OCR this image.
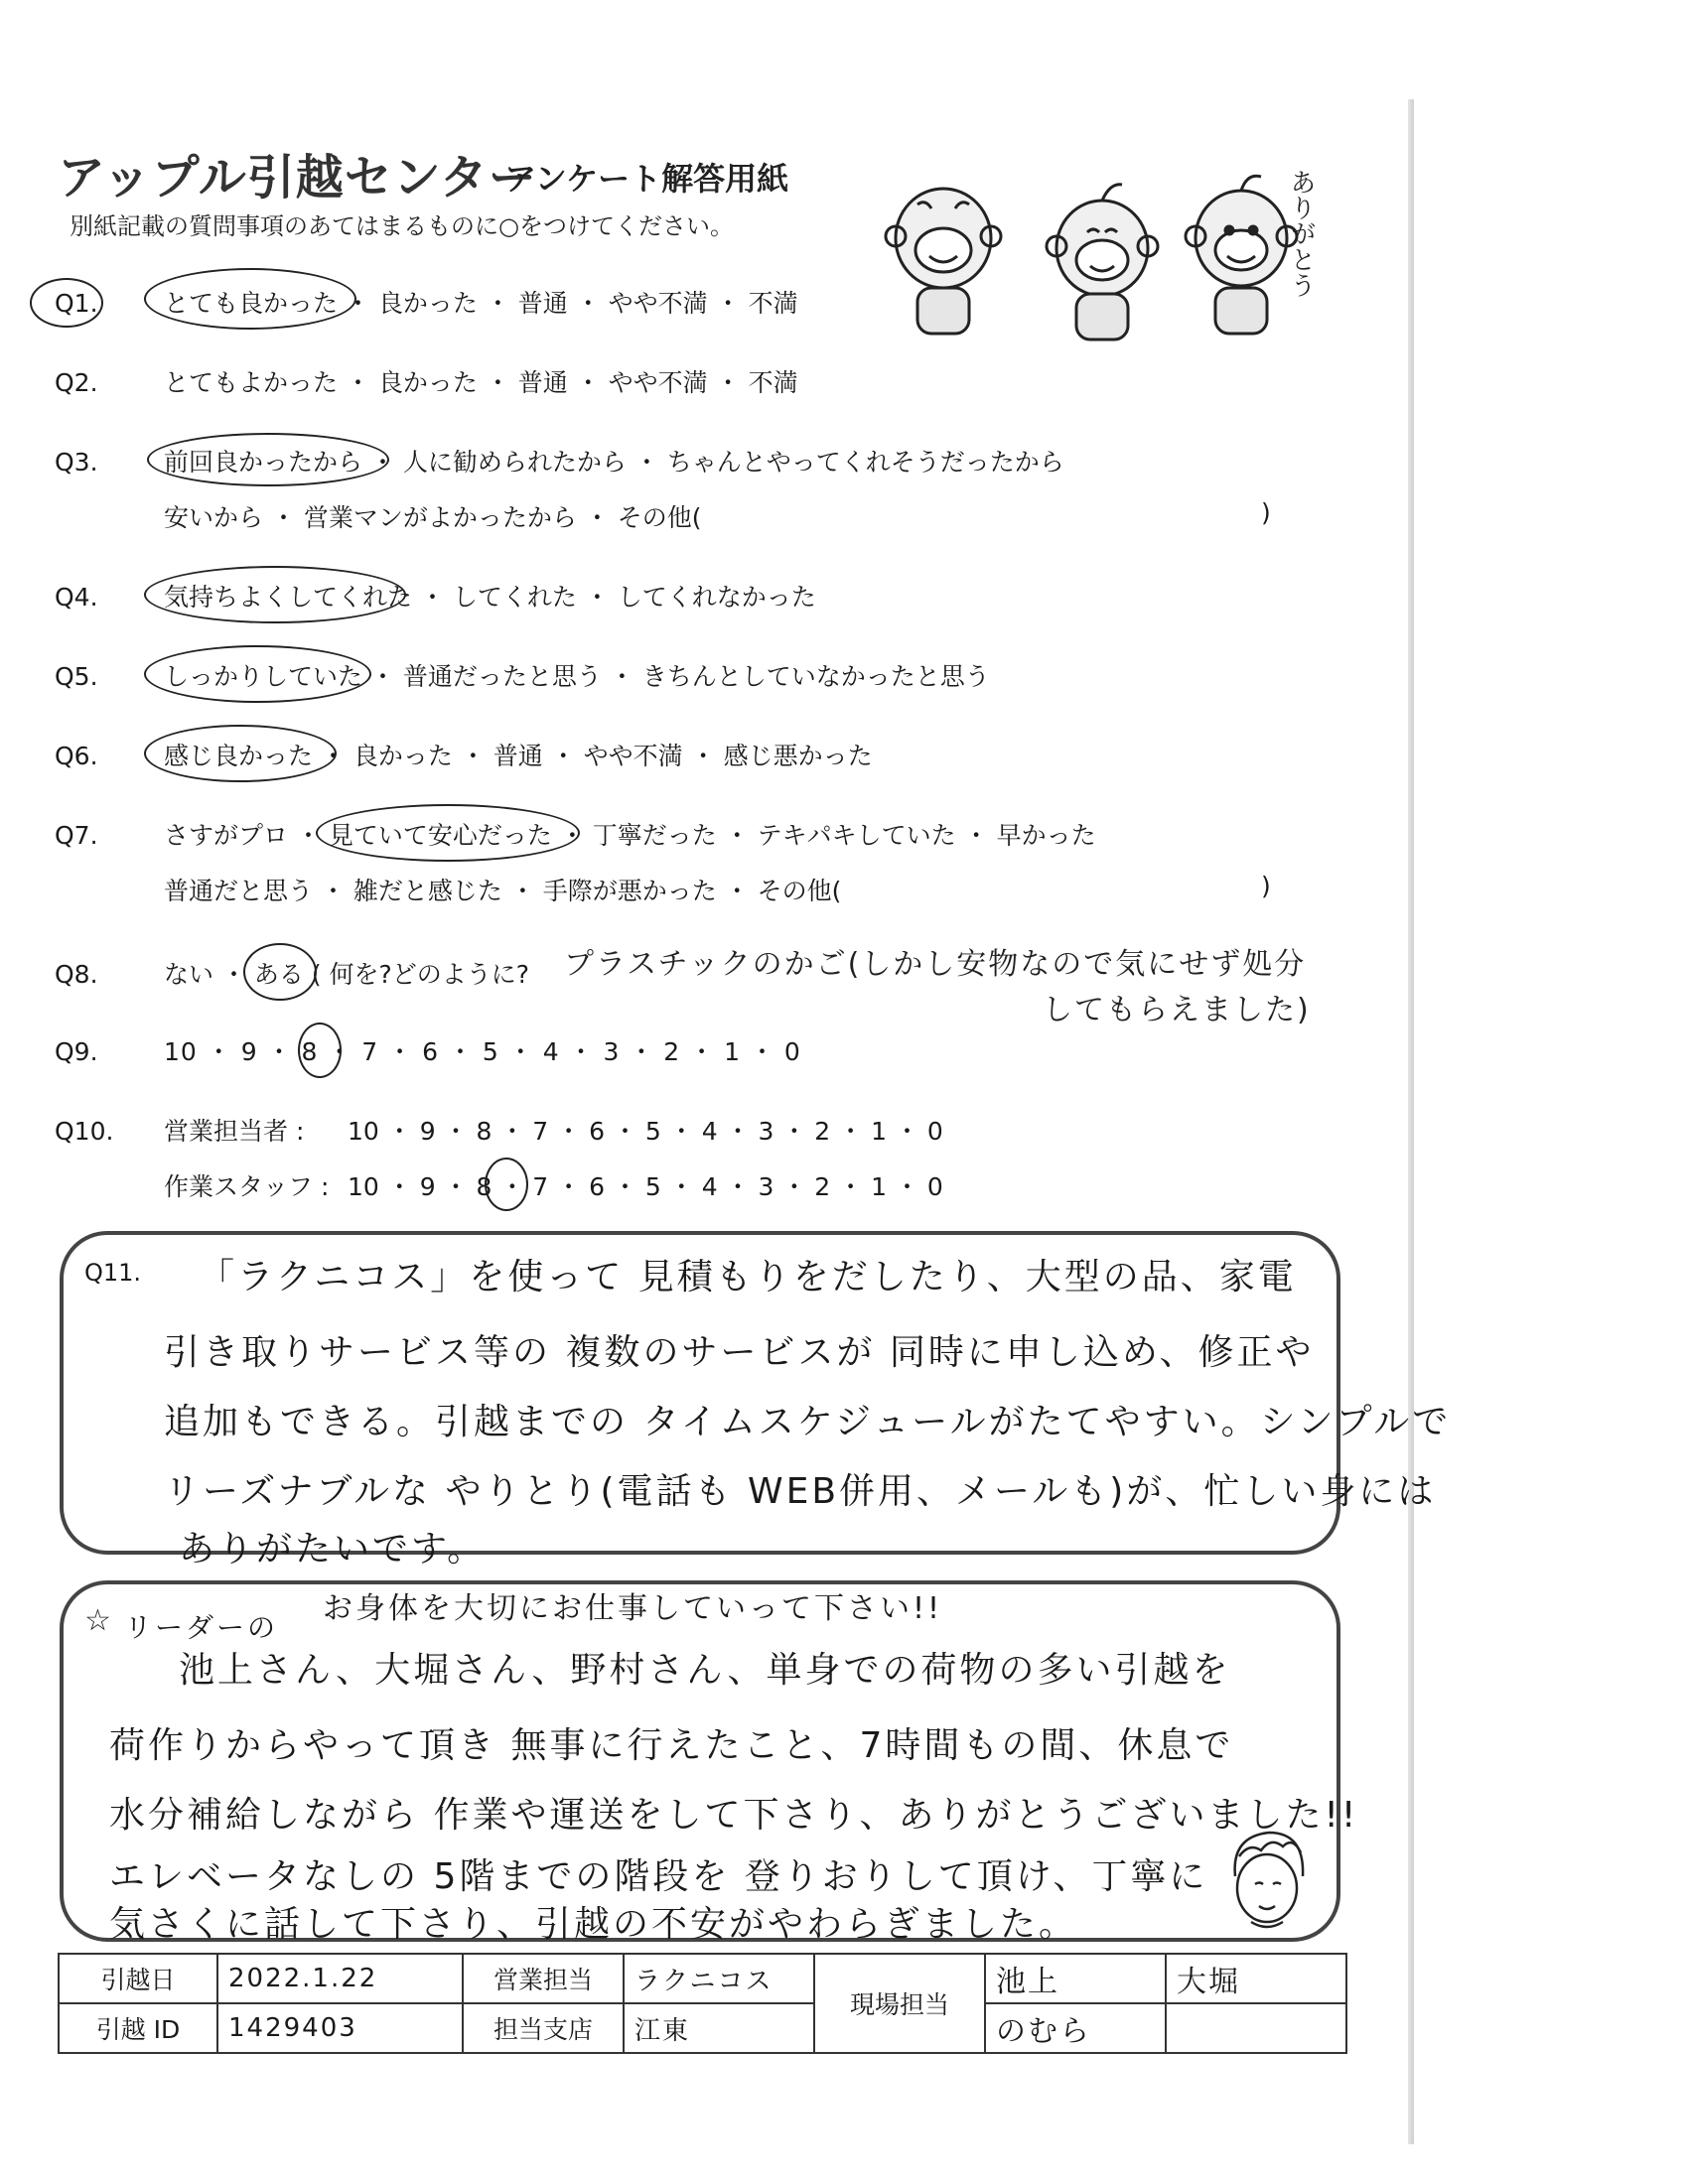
アップル引越センター
アンケート解答用紙
別紙記載の質問事項のあてはまるものに○をつけてください。	ありがとう
Q1.	とても良かった ・ 良かった ・ 普通 ・ やや不満 ・ 不満
Q2.	とてもよかった ・ 良かった ・ 普通 ・ やや不満 ・ 不満
Q3.	前回良かったから ・ 人に勧められたから ・ ちゃんとやってくれそうだったから
安いから ・ 営業マンがよかったから ・ その他(	)
Q4.	気持ちよくしてくれた ・ してくれた ・ してくれなかった
Q5.	しっかりしていた ・ 普通だったと思う ・ きちんとしていなかったと思う
Q6.	感じ良かった ・ 良かった ・ 普通 ・ やや不満 ・ 感じ悪かった
Q7.	さすがプロ ・ 見ていて安心だった ・ 丁寧だった ・ テキパキしていた ・ 早かった
普通だと思う ・ 雑だと感じた ・ 手際が悪かった ・ その他(	)
Q8.	ない ・ ある ( 何を?どのように? プラスチックのかご(しかし安物なので気にせず処分
してもらえました)
Q9.	10 ・ 9 ・ 8 ・ 7 ・ 6 ・ 5 ・ 4 ・ 3 ・ 2 ・ 1 ・ 0
Q10. 営業担当者 : 10 ・ 9 ・ 8 ・ 7 ・ 6 ・ 5 ・ 4 ・ 3 ・ 2 ・ 1 ・ 0
作業スタッフ : 10 ・ 9 ・ 8 ・ 7 ・ 6 ・ 5 ・ 4 ・ 3 ・ 2 ・ 1 ・ 0
Q11. 「ラクニコス」を使って 見積もりをだしたり、大型の品、家電
引き取りサービス等の 複数のサービスが 同時に申し込め、修正や
追加もできる。引越までの タイムスケジュールがたてやすい。シンプルで
リーズナブルな やりとり(電話も WEB併用、メールも)が、忙しい身には
ありがたいです。
☆	お身体を大切にお仕事していって下さい!!
リーダーの
池上さん、大堀さん、野村さん、単身での荷物の多い引越を
荷作りからやって頂き 無事に行えたこと、7時間もの間、休息で
水分補給しながら 作業や運送をして下さり、ありがとうございました!!
エレベータなしの 5階までの階段を 登りおりして頂け、丁寧に
気さくに話して下さり、引越の不安がやわらぎました。
引越日	2022.1.22	営業担当	ラクニコス	現場担当	池上	大堀
引越 ID	1429403	担当支店	江東		のむら	
